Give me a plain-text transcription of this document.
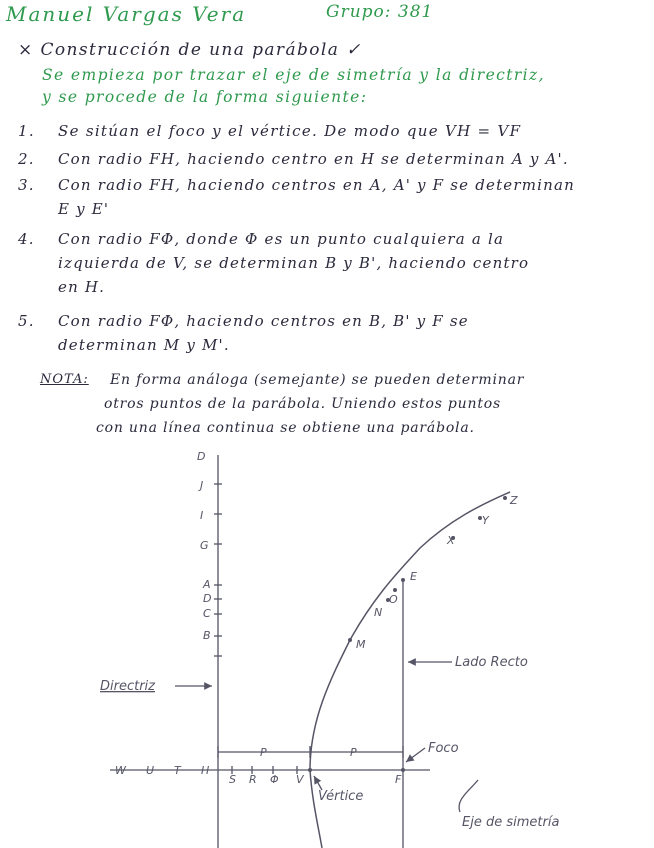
Manuel Vargas Vera	Grupo: 381
⨯ Construcción de una parábola ✓
Se empieza por trazar el eje de simetría y la directriz,
y se procede de la forma siguiente:
1. Se sitúan el foco y el vértice. De modo que VH = VF
2. Con radio FH, haciendo centro en H se determinan A y A'.
3. Con radio FH, haciendo centros en A, A' y F se determinan
E y E'
4. Con radio FΦ, donde Φ es un punto cualquiera a la
izquierda de V, se determinan B y B', haciendo centro
en H.
5. Con radio FΦ, haciendo centros en B, B' y F se
determinan M y M'.
NOTA: En forma análoga (semejante) se pueden determinar
otros puntos de la parábola. Uniendo estos puntos
con una línea continua se obtiene una parábola.
D
J
I
G
A
D
C
B
W U T H
S R Φ V	F
Z
Y
X
E
O
N
M
P	P
Directriz
Lado Recto
Foco
Vértice
Eje de simetría
